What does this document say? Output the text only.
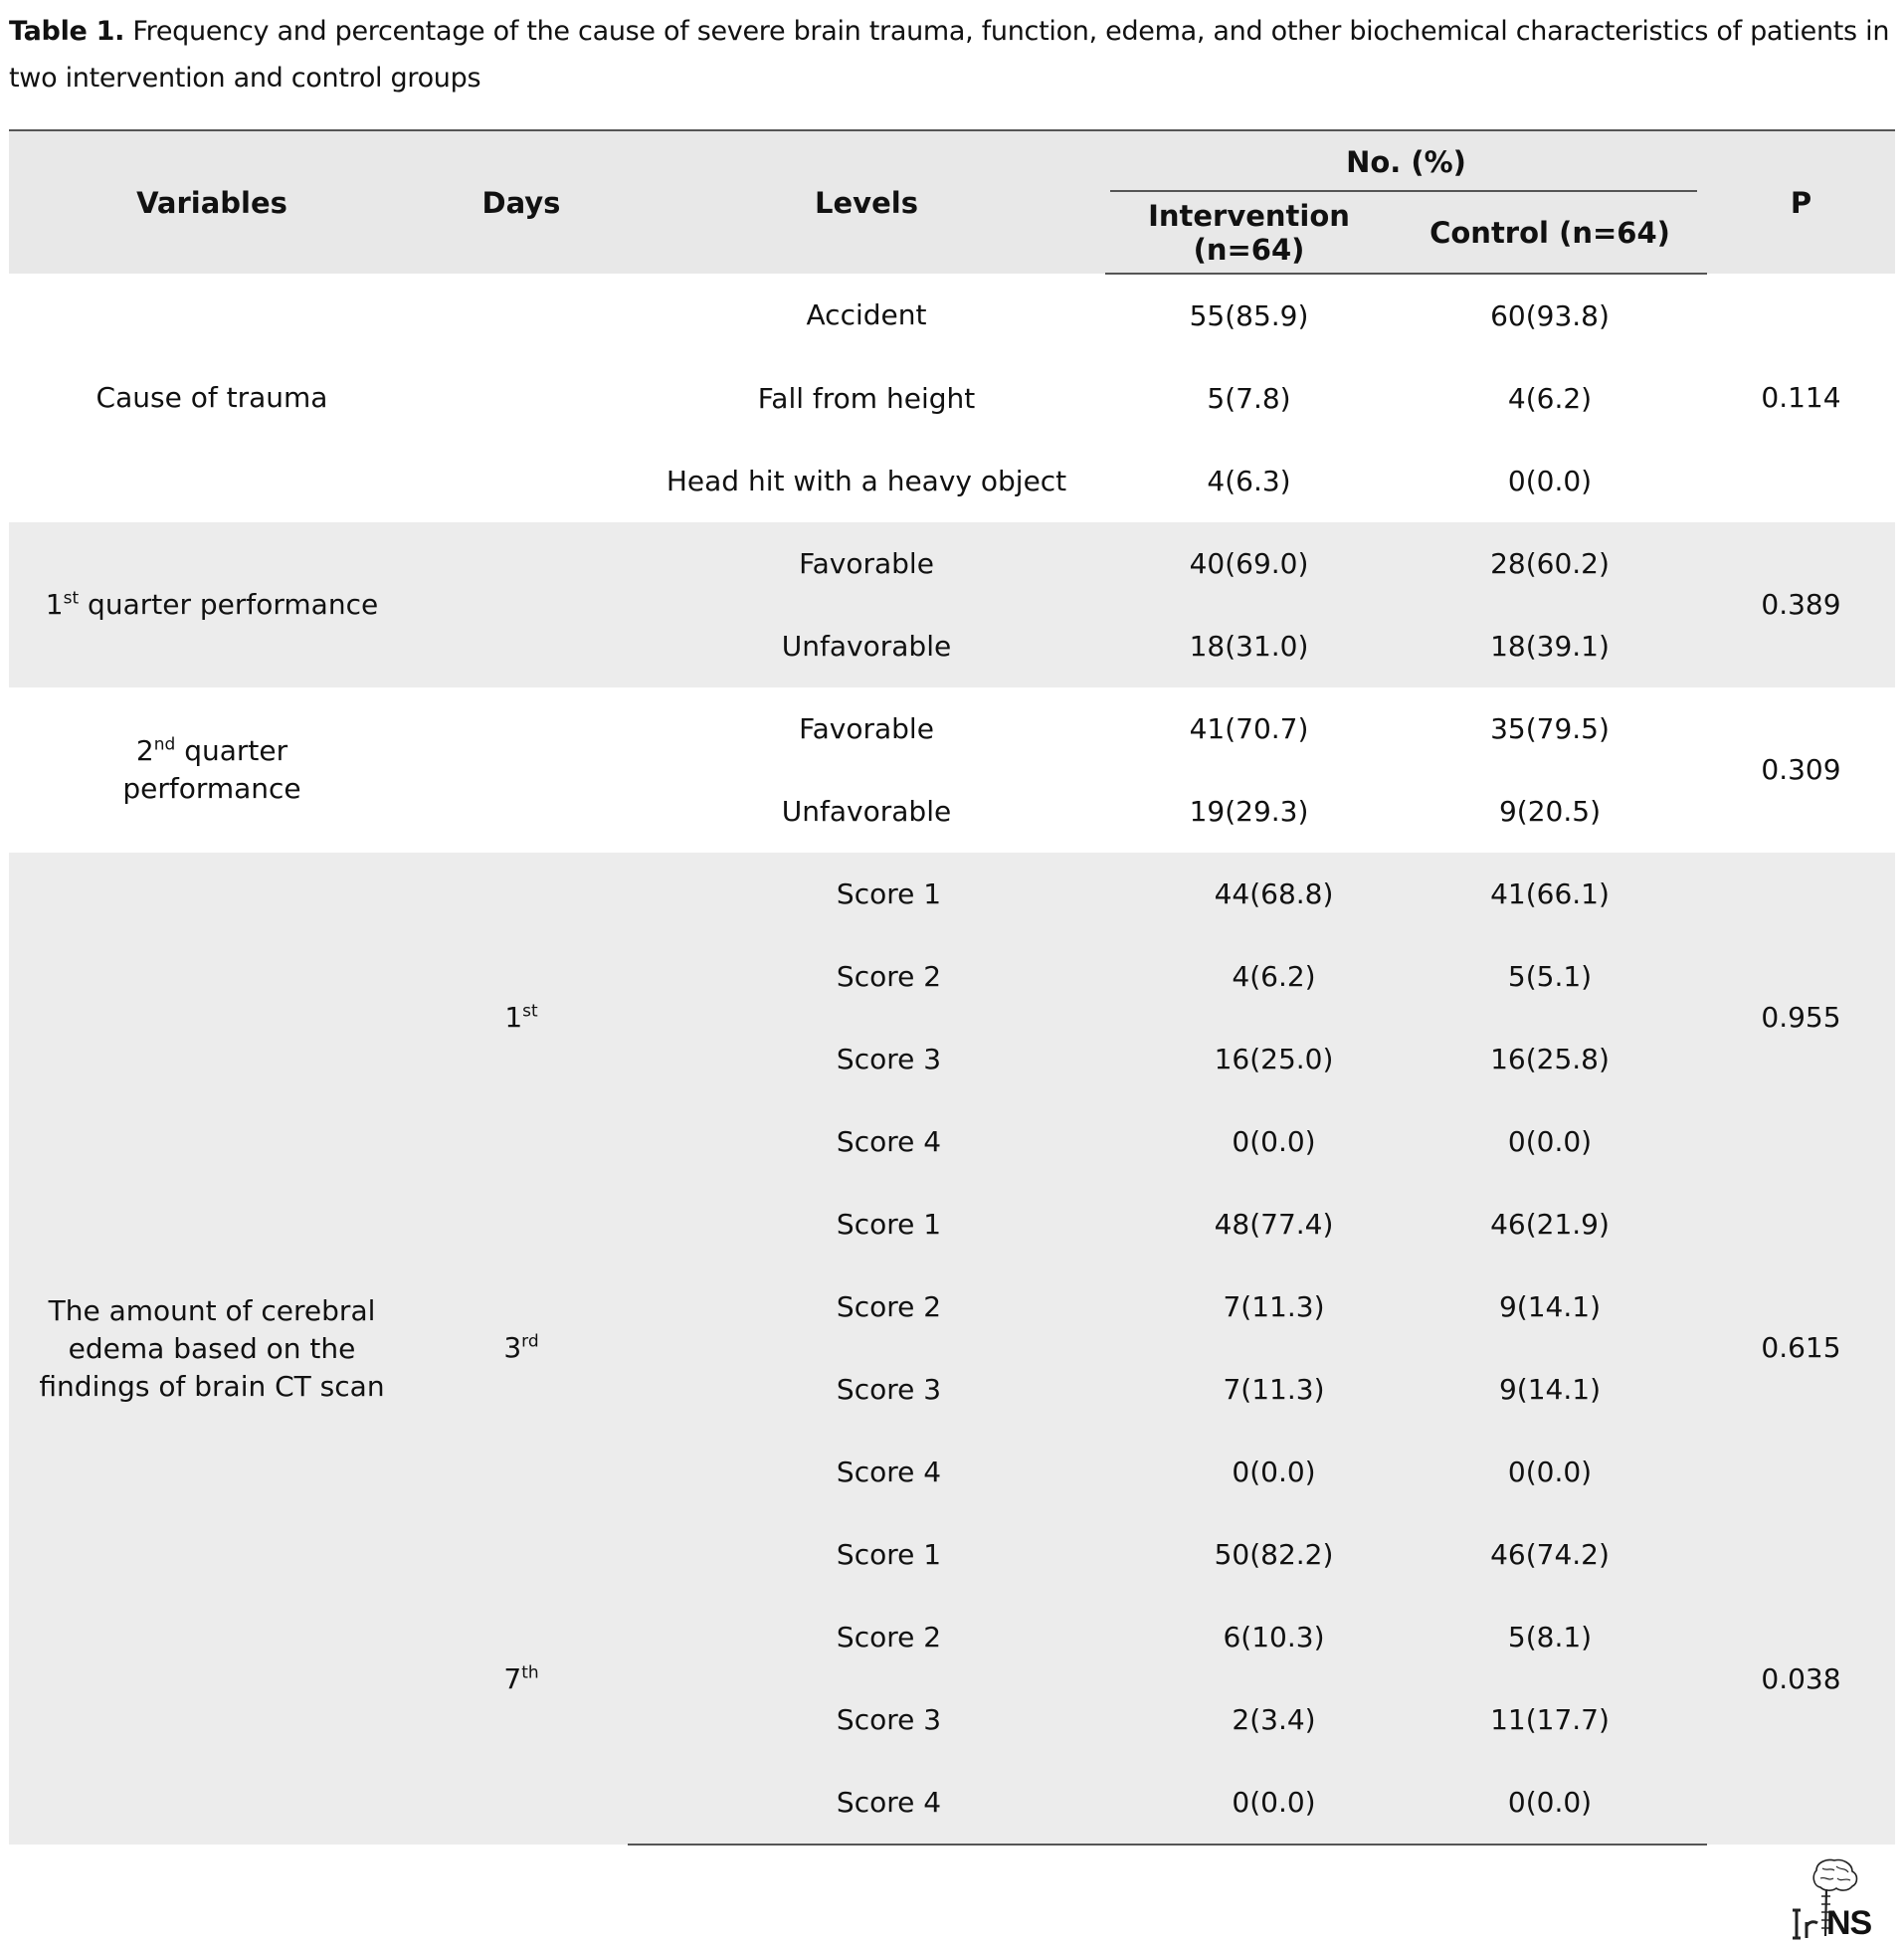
Table 1. Frequency and percentage of the cause of severe brain trauma, function, edema, and other biochemical characteristics of patients in two intervention and control groups
Variables	Days	Levels	No. (%)		P
			Intervention (n=64)	Control (n=64)	
Cause of trauma		Accident	55(85.9)	60(93.8)	0.114
		Fall from height	5(7.8)	4(6.2)	
		Head hit with a heavy object	4(6.3)	0(0.0)	
1st quarter performance		Favorable	40(69.0)	28(60.2)	0.389
		Unfavorable	18(31.0)	18(39.1)	
2nd quarter performance		Favorable	41(70.7)	35(79.5)	0.309
		Unfavorable	19(29.3)	9(20.5)	
The amount of cerebral edema based on the findings of brain CT scan	1st	Score 1	44(68.8)	41(66.1)	0.955
		Score 2	4(6.2)	5(5.1)	
		Score 3	16(25.0)	16(25.8)	
		Score 4	0(0.0)	0(0.0)	
	3rd	Score 1	48(77.4)	46(21.9)	0.615
		Score 2	7(11.3)	9(14.1)	
		Score 3	7(11.3)	9(14.1)	
		Score 4	0(0.0)	0(0.0)	
	7th	Score 1	50(82.2)	46(74.2)	0.038
		Score 2	6(10.3)	5(8.1)	
		Score 3	2(3.4)	11(17.7)	
		Score 4	0(0.0)	0(0.0)	
NS
